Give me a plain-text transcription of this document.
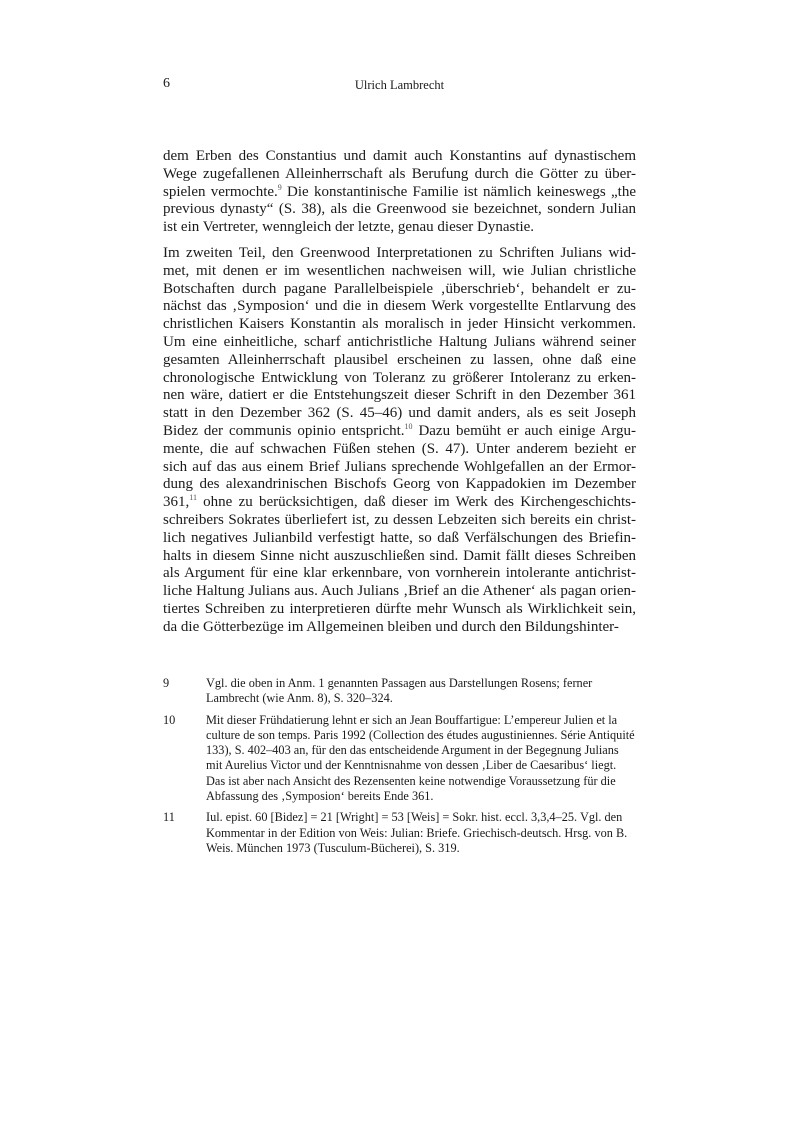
6	Ulrich Lambrecht
dem Erben des Constantius und damit auch Konstantins auf dynastischem
Wege zugefallenen Alleinherrschaft als Berufung durch die Götter zu über-
spielen vermochte.$^9$ Die konstantinische Familie ist nämlich keineswegs „the
previous dynasty“ (S. 38), als die Greenwood sie bezeichnet, sondern Julian
ist ein Vertreter, wenngleich der letzte, genau dieser Dynastie.
Im zweiten Teil, den Greenwood Interpretationen zu Schriften Julians wid-
met, mit denen er im wesentlichen nachweisen will, wie Julian christliche
Botschaften durch pagane Parallelbeispiele ‚überschrieb‘, behandelt er zu-
nächst das ‚Symposion‘ und die in diesem Werk vorgestellte Entlarvung des
christlichen Kaisers Konstantin als moralisch in jeder Hinsicht verkommen.
Um eine einheitliche, scharf antichristliche Haltung Julians während seiner
gesamten Alleinherrschaft plausibel erscheinen zu lassen, ohne daß eine
chronologische Entwicklung von Toleranz zu größerer Intoleranz zu erken-
nen wäre, datiert er die Entstehungszeit dieser Schrift in den Dezember 361
statt in den Dezember 362 (S. 45–46) und damit anders, als es seit Joseph
Bidez der communis opinio entspricht.$^{10}$ Dazu bemüht er auch einige Argu-
mente, die auf schwachen Füßen stehen (S. 47). Unter anderem bezieht er
sich auf das aus einem Brief Julians sprechende Wohlgefallen an der Ermor-
dung des alexandrinischen Bischofs Georg von Kappadokien im Dezember
361,11 ohne zu berücksichtigen, daß dieser im Werk des Kirchengeschichts-
schreibers Sokrates überliefert ist, zu dessen Lebzeiten sich bereits ein christ-
lich negatives Julianbild verfestigt hatte, so daß Verfälschungen des Briefin-
halts in diesem Sinne nicht auszuschließen sind. Damit fällt dieses Schreiben
als Argument für eine klar erkennbare, von vornherein intolerante antichrist-
liche Haltung Julians aus. Auch Julians ‚Brief an die Athener‘ als pagan orien-
tiertes Schreiben zu interpretieren dürfte mehr Wunsch als Wirklichkeit sein,
da die Götterbezüge im Allgemeinen bleiben und durch den Bildungshinter-
9	Vgl. die oben in Anm. 1 genannten Passagen aus Darstellungen Rosens; ferner Lambrecht (wie Anm. 8), S. 320–324.
10	Mit dieser Frühdatierung lehnt er sich an Jean Bouffartigue: L’empereur Julien et la culture de son temps. Paris 1992 (Collection des études augustiniennes. Série Antiquité 133), S. 402–403 an, für den das entscheidende Argument in der Begegnung Julians mit Aurelius Victor und der Kenntnisnahme von dessen ‚Liber de Caesaribus‘ liegt. Das ist aber nach Ansicht des Rezensenten keine notwendige Voraussetzung für die Abfassung des ‚Symposion‘ bereits Ende 361.
11	Iul. epist. 60 [Bidez] = 21 [Wright] = 53 [Weis] = Sokr. hist. eccl. 3,3,4–25. Vgl. den Kommentar in der Edition von Weis: Julian: Briefe. Griechisch-deutsch. Hrsg. von B. Weis. München 1973 (Tusculum-Bücherei), S. 319.
